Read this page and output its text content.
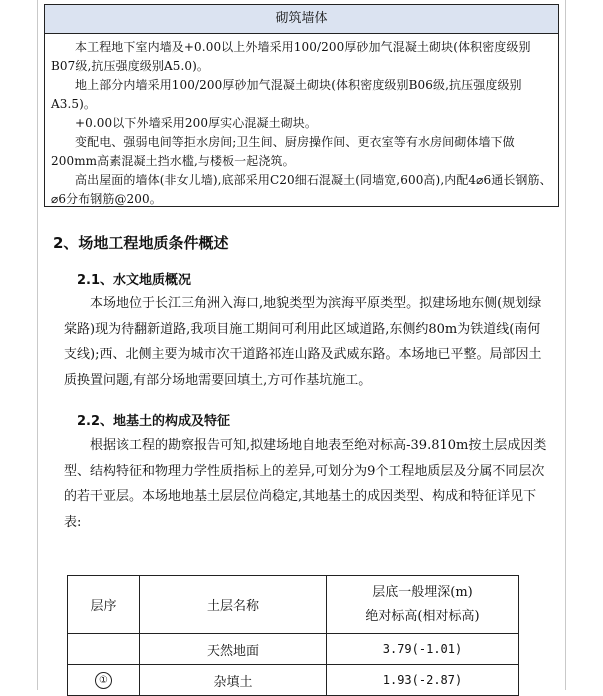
砌筑墙体

本工程地下室内墙及+0.00以上外墙采用100/200厚砂加气混凝土砌块(体积密度级别B07级,抗压强度级别A5.0)。

地上部分内墙采用100/200厚砂加气混凝土砌块(体积密度级别B06级,抗压强度级别A3.5)。

+0.00以下外墙采用200厚实心混凝土砌块。

变配电、强弱电间等拒水房间;卫生间、厨房操作间、更衣室等有水房间砌体墙下做200mm高素混凝土挡水槛,与楼板一起浇筑。

高出屋面的墙体(非女儿墙),底部采用C20细石混凝土(同墙宽,600高),内配4⌀6通长钢筋、⌀6分布钢筋@200。

2、场地工程地质条件概述
2.1、水文地质概况

本场地位于长江三角洲入海口,地貌类型为滨海平原类型。拟建场地东侧(规划绿棠路)现为待翻新道路,我项目施工期间可利用此区域道路,东侧约80m为铁道线(南何支线);西、北侧主要为城市次干道路祁连山路及武威东路。本场地已平整。局部因土质换置问题,有部分场地需要回填土,方可作基坑施工。

2.2、地基土的构成及特征

根据该工程的勘察报告可知,拟建场地自地表至绝对标高-39.810m按土层成因类型、结构特征和物理力学性质指标上的差异,可划分为9个工程地质层及分属不同层次的若干亚层。本场地地基土层层位尚稳定,其地基土的成因类型、构成和特征详见下表:

层序	土层名称	层底一般埋深(m)
绝对标高(相对标高)

	天然地面	3.79(-1.01)
①	杂填土	1.93(-2.87)
